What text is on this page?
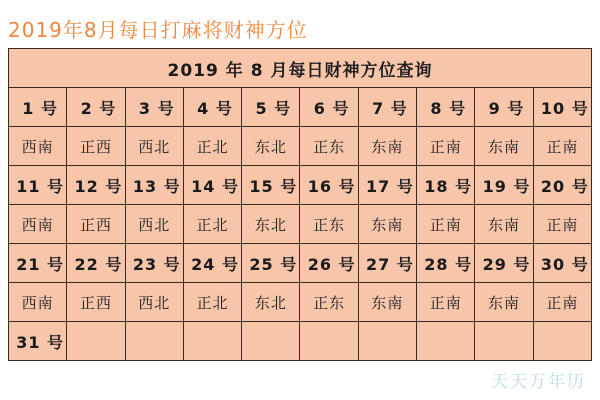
2019年8月每日打麻将财神方位
2019 年 8 月每日财神方位查询									
1 号	2 号	3 号	4 号	5 号	6 号	7 号	8 号	9 号	10 号
西南	正西	西北	正北	东北	正东	东南	正南	东南	正南
11 号	12 号	13 号	14 号	15 号	16 号	17 号	18 号	19 号	20 号
西南	正西	西北	正北	东北	正东	东南	正南	东南	正南
21 号	22 号	23 号	24 号	25 号	26 号	27 号	28 号	29 号	30 号
西南	正西	西北	正北	东北	正东	东南	正南	东南	正南
31 号									
天天万年历
